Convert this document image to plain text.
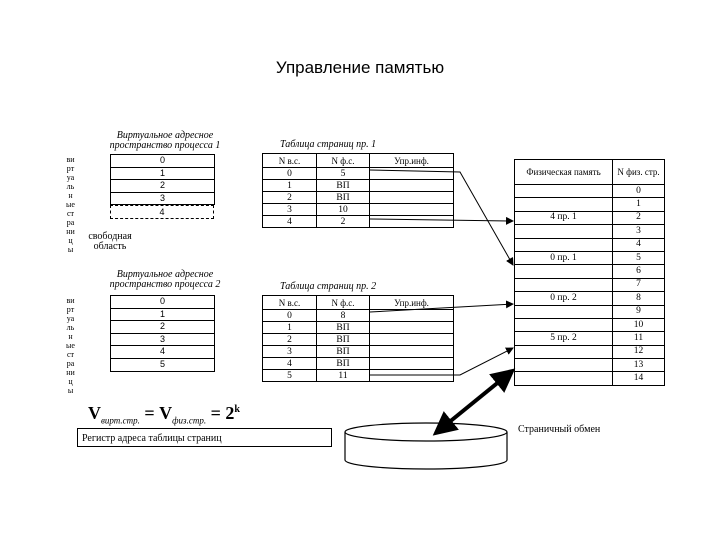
Управление памятью
Виртуальное адресное пространство процесса 1
виртуальные страницы
0
1
2
3
4
свободная область
Таблица страниц пр. 1
N в.с.	N ф.с.	Упр.инф.
0	5	
1	ВП	
2	ВП	
3	10	
4	2	
Виртуальное адресное пространство процесса 2
виртуальные страницы
0
1
2
3
4
5
Таблица страниц пр. 2
N в.с.	N ф.с.	Упр.инф.
0	8	
1	ВП	
2	ВП	
3	ВП	
4	ВП	
5	11	
Физическая память	N физ. стр.
	0
	1
4 пр. 1	2
	3
	4
0 пр. 1	5
	6
	7
0 пр. 2	8
	9
	10
5 пр. 2	11
	12
	13
	14
$V_{вирт.стр.} = V_{физ.стр.} = 2^k$
Регистр адреса таблицы страниц
Страничный обмен
